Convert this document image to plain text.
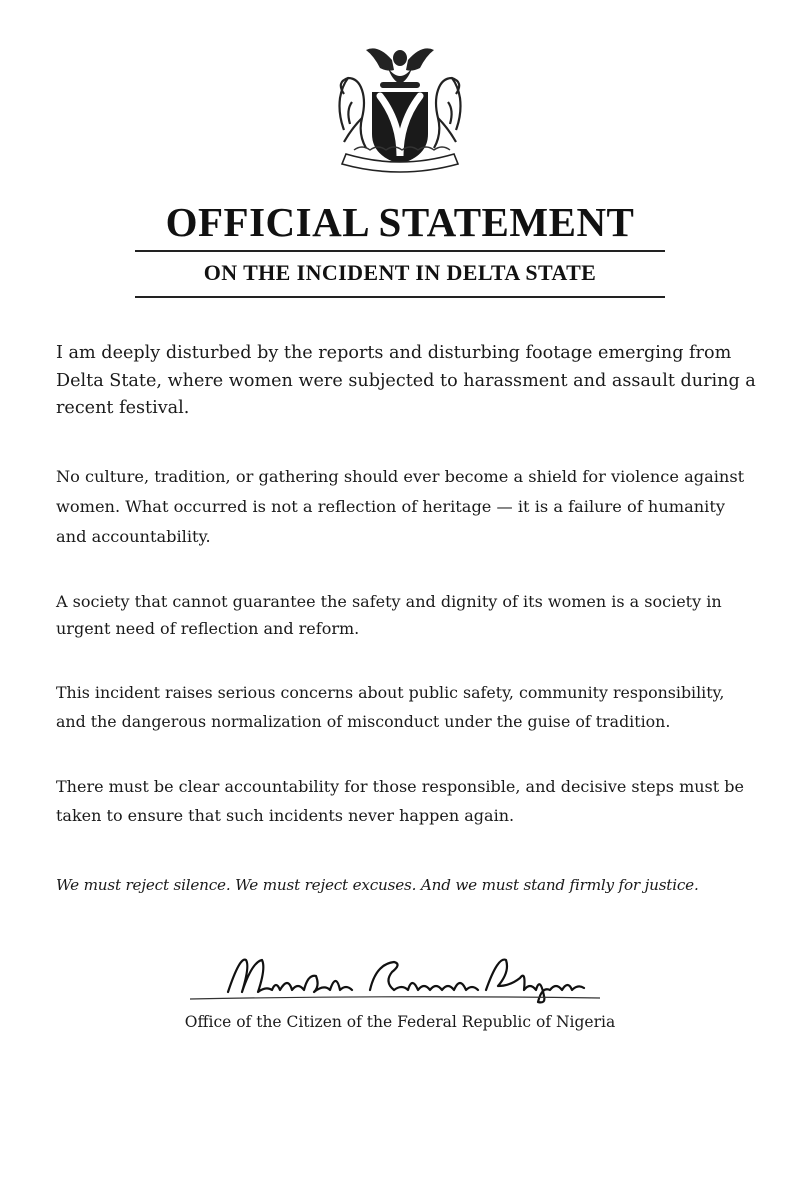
OFFICIAL STATEMENT
ON THE INCIDENT IN DELTA STATE

I am deeply disturbed by the reports and disturbing footage emerging from Delta State, where women were subjected to harassment and assault during a recent festival.

No culture, tradition, or gathering should ever become a shield for violence against women. What occurred is not a reflection of heritage — it is a failure of humanity and accountability.

A society that cannot guarantee the safety and dignity of its women is a society in urgent need of reflection and reform.

This incident raises serious concerns about public safety, community responsibility, and the dangerous normalization of misconduct under the guise of tradition.

There must be clear accountability for those responsible, and decisive steps must be taken to ensure that such incidents never happen again.

We must reject silence. We must reject excuses. And we must stand firmly for justice.

Office of the Citizen of the Federal Republic of Nigeria
